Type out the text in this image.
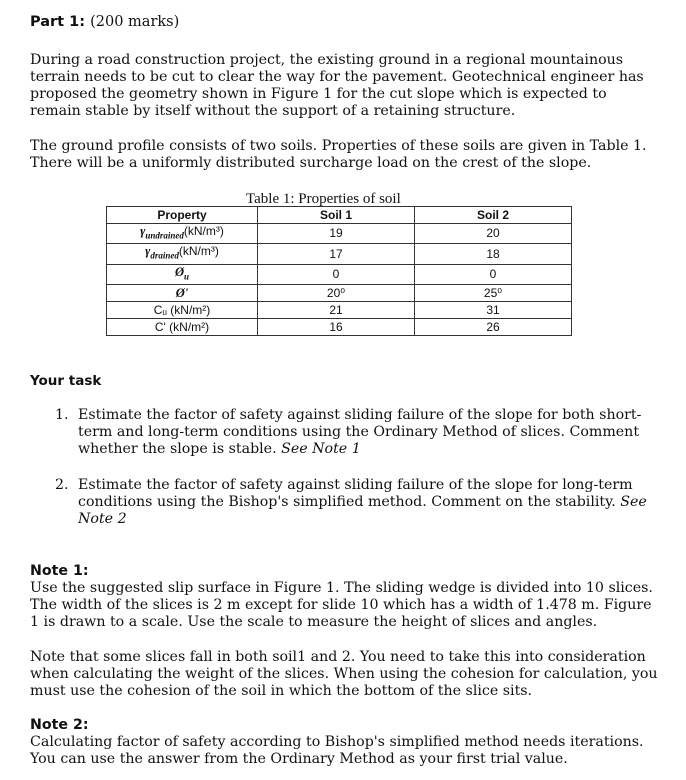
Part 1: (200 marks)
During a road construction project, the existing ground in a regional mountainous terrain needs to be cut to clear the way for the pavement. Geotechnical engineer has proposed the geometry shown in Figure 1 for the cut slope which is expected to remain stable by itself without the support of a retaining structure.
The ground profile consists of two soils. Properties of these soils are given in Table 1. There will be a uniformly distributed surcharge load on the crest of the slope.
Table 1: Properties of soil
Property	Soil 1	Soil 2
$\gamma_{undrained}(kN/m^3)$	19	20
$\gamma_{drained}(kN/m^3)$	17	18
$Ø_u$	0	0
Ø'	20⁰	25⁰
Cᵤ (kN/m²)	21	31
C' (kN/m²)	16	26
Your task
1. Estimate the factor of safety against sliding failure of the slope for both short-term and long-term conditions using the Ordinary Method of slices. Comment whether the slope is stable. See Note 1
2. Estimate the factor of safety against sliding failure of the slope for long-term conditions using the Bishop's simplified method. Comment on the stability. See Note 2
Note 1:
Use the suggested slip surface in Figure 1. The sliding wedge is divided into 10 slices. The width of the slices is 2 m except for slide 10 which has a width of 1.478 m. Figure 1 is drawn to a scale. Use the scale to measure the height of slices and angles.
Note that some slices fall in both soil1 and 2. You need to take this into consideration when calculating the weight of the slices. When using the cohesion for calculation, you must use the cohesion of the soil in which the bottom of the slice sits.
Note 2:
Calculating factor of safety according to Bishop's simplified method needs iterations. You can use the answer from the Ordinary Method as your first trial value.
